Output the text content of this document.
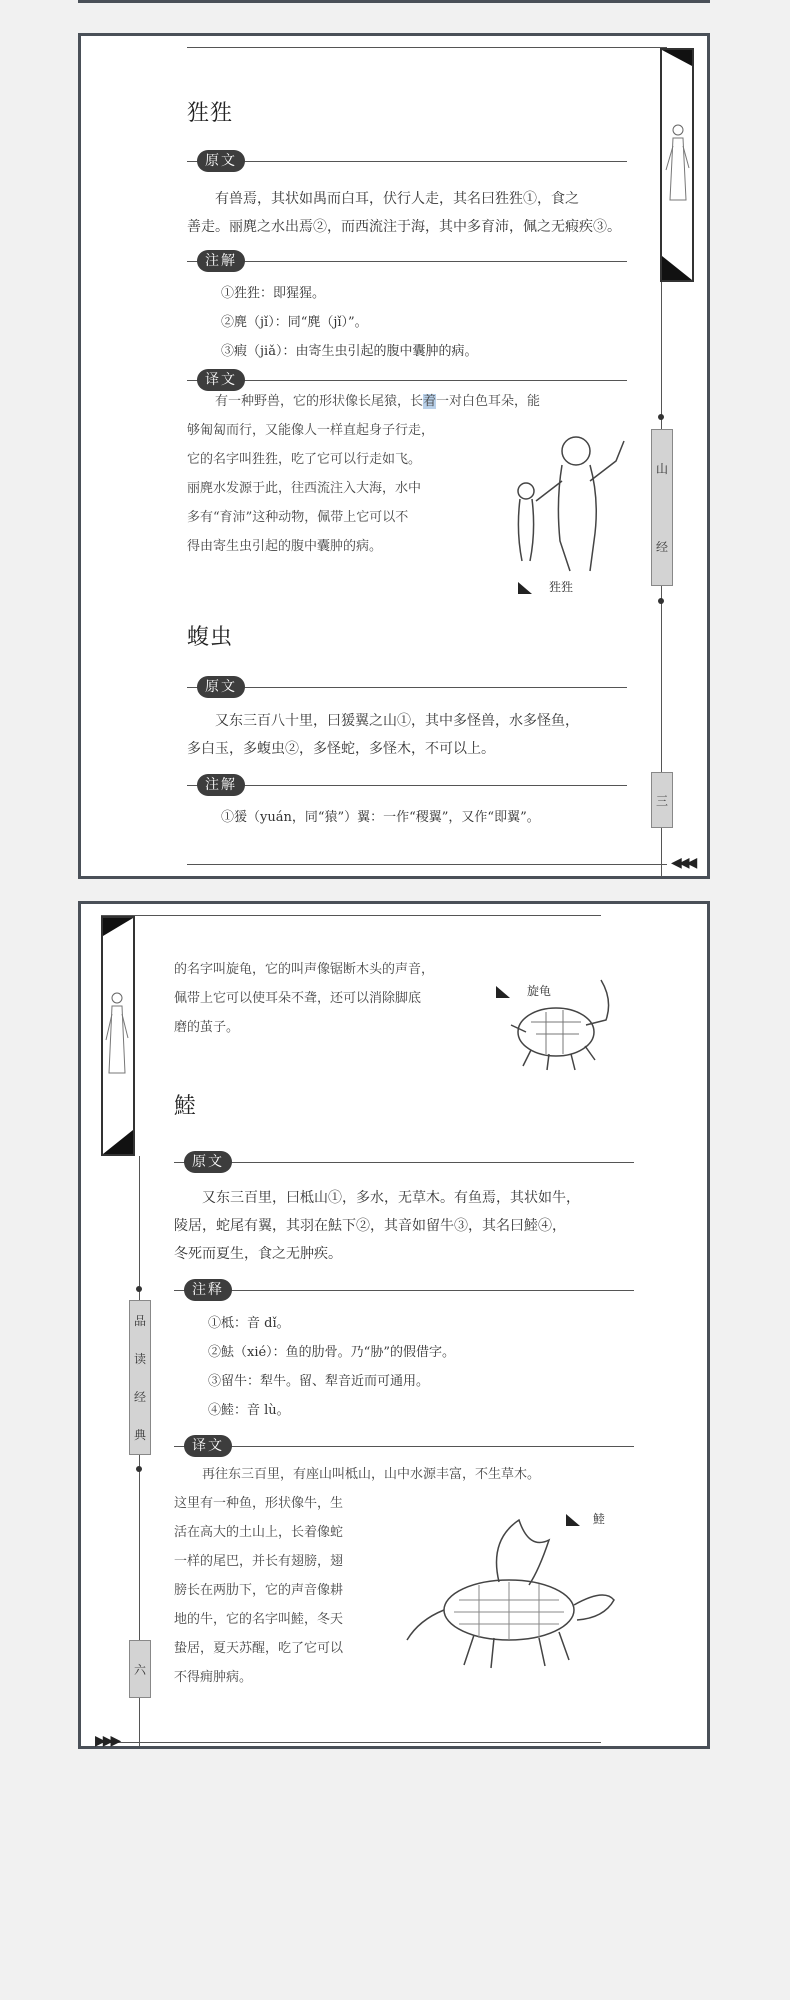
山
经
三
狌狌
原文

有兽焉，其状如禺而白耳，伏行人走，其名曰狌狌①，食之
善走。丽麂之水出焉②，而西流注于海，其中多育沛，佩之无瘕疾③。

注解
①狌狌：即猩猩。
②麂（jǐ）：同“麂（jǐ）”。
③瘕（jiǎ）：由寄生虫引起的腹中囊肿的病。
译文

有一种野兽，它的形状像长尾猿，长着一对白色耳朵，能

够匍匐而行，又能像人一样直起身子行走，
它的名字叫狌狌，吃了它可以行走如飞。
丽麂水发源于此，往西流注入大海，水中
多有“育沛”这种动物，佩带上它可以不
得由寄生虫引起的腹中囊肿的病。

狌狌
蝮虫
原文

又东三百八十里，曰猨翼之山①，其中多怪兽，水多怪鱼，
多白玉，多蝮虫②，多怪蛇，多怪木，不可以上。

注解
①猨（yuán，同“猿”）翼：一作“稷翼”，又作“即翼”。
◀◀◀
品
读
经
典
六

的名字叫旋龟，它的叫声像锯断木头的声音，
佩带上它可以使耳朵不聋，还可以消除脚底
磨的茧子。

旋龟
鯥
原文

又东三百里，曰柢山①，多水，无草木。有鱼焉，其状如牛，
陵居，蛇尾有翼，其羽在魼下②，其音如留牛③，其名曰鯥④，
冬死而夏生，食之无肿疾。

注释
①柢：音 dǐ。
②魼（xié）：鱼的肋骨。乃“胁”的假借字。
③留牛：犁牛。留、犁音近而可通用。
④鯥：音 lù。
译文

再往东三百里，有座山叫柢山，山中水源丰富，不生草木。

这里有一种鱼，形状像牛，生
活在高大的土山上，长着像蛇
一样的尾巴，并长有翅膀，翅
膀长在两肋下，它的声音像耕
地的牛，它的名字叫鯥，冬天
蛰居，夏天苏醒，吃了它可以
不得痈肿病。

鯥
▶▶▶
